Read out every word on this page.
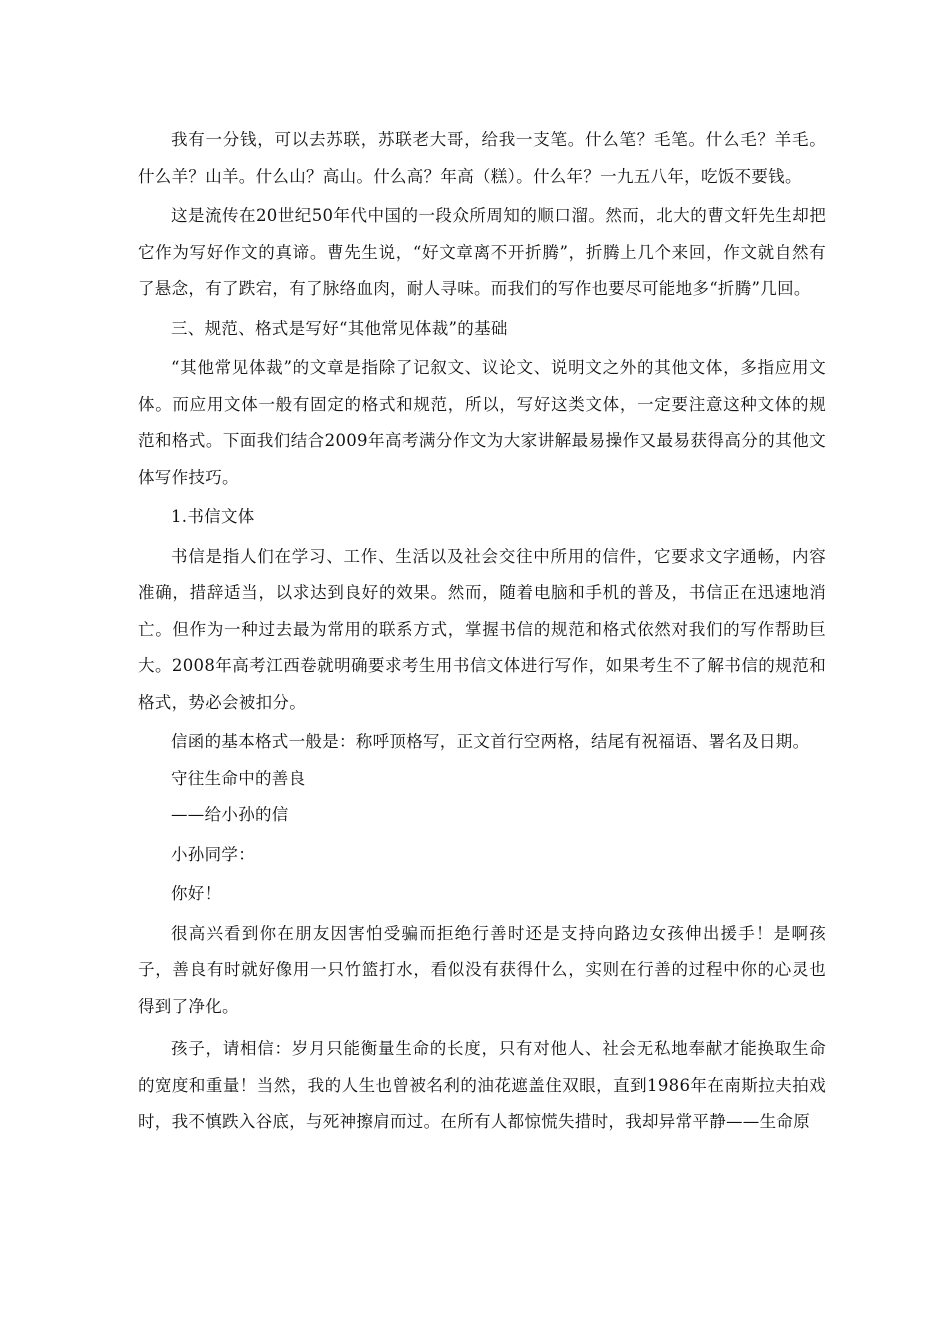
我有一分钱，可以去苏联，苏联老大哥，给我一支笔。什么笔？毛笔。什么毛？羊毛。什么羊？山羊。什么山？高山。什么高？年高（糕）。什么年？一九五八年，吃饭不要钱。

这是流传在20世纪50年代中国的一段众所周知的顺口溜。然而，北大的曹文轩先生却把它作为写好作文的真谛。曹先生说，“好文章离不开折腾”，折腾上几个来回，作文就自然有了悬念，有了跌宕，有了脉络血肉，耐人寻味。而我们的写作也要尽可能地多“折腾”几回。

三、规范、格式是写好“其他常见体裁”的基础

“其他常见体裁”的文章是指除了记叙文、议论文、说明文之外的其他文体，多指应用文体。而应用文体一般有固定的格式和规范，所以，写好这类文体，一定要注意这种文体的规范和格式。下面我们结合2009年高考满分作文为大家讲解最易操作又最易获得高分的其他文体写作技巧。

1.书信文体

书信是指人们在学习、工作、生活以及社会交往中所用的信件，它要求文字通畅，内容准确，措辞适当，以求达到良好的效果。然而，随着电脑和手机的普及，书信正在迅速地消亡。但作为一种过去最为常用的联系方式，掌握书信的规范和格式依然对我们的写作帮助巨大。2008年高考江西卷就明确要求考生用书信文体进行写作，如果考生不了解书信的规范和格式，势必会被扣分。

信函的基本格式一般是：称呼顶格写，正文首行空两格，结尾有祝福语、署名及日期。

守往生命中的善良

——给小孙的信

小孙同学：

你好！

很高兴看到你在朋友因害怕受骗而拒绝行善时还是支持向路边女孩伸出援手！是啊孩子，善良有时就好像用一只竹篮打水，看似没有获得什么，实则在行善的过程中你的心灵也得到了净化。

孩子，请相信：岁月只能衡量生命的长度，只有对他人、社会无私地奉献才能换取生命的宽度和重量！当然，我的人生也曾被名利的油花遮盖住双眼，直到1986年在南斯拉夫拍戏时，我不慎跌入谷底，与死神擦肩而过。在所有人都惊慌失措时，我却异常平静——生命原
